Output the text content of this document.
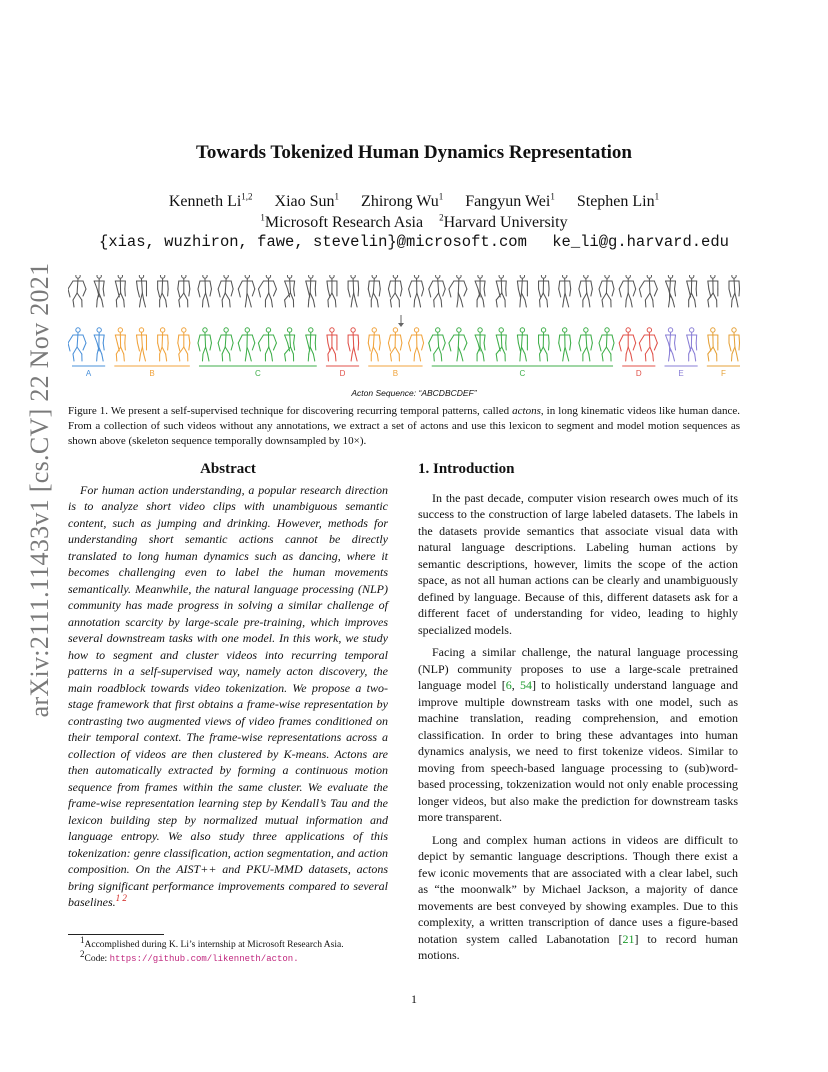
arXiv:2111.11433v1 [cs.CV] 22 Nov 2021
Towards Tokenized Human Dynamics Representation
Kenneth Li$^{1,2}$ Xiao Sun$^1$ Zhirong Wu$^1$ Fangyun Wei$^1$ Stephen Lin$^1$
$^1$Microsoft Research Asia $^2$Harvard University
{xias, wuzhiron, fawe, stevelin}@microsoft.com ke_li@g.harvard.edu
A	B	C	D	B	C	D	E	F
Acton Sequence: “ABCDBCDEF”
Figure 1. We present a self-supervised technique for discovering recurring temporal patterns, called actons, in long kinematic videos like human dance. From a collection of such videos without any annotations, we extract a set of actons and use this lexicon to segment and model motion sequences as shown above (skeleton sequence temporally downsampled by 10×).
Abstract

For human action understanding, a popular research direction is to analyze short video clips with unambiguous semantic content, such as jumping and drinking. However, methods for understanding short semantic actions cannot be directly translated to long human dynamics such as dancing, where it becomes challenging even to label the human movements semantically. Meanwhile, the natural language processing (NLP) community has made progress in solving a similar challenge of annotation scarcity by large-scale pre-training, which improves several downstream tasks with one model. In this work, we study how to segment and cluster videos into recurring temporal patterns in a self-supervised way, namely acton discovery, the main roadblock towards video tokenization. We propose a two-stage framework that first obtains a frame-wise representation by contrasting two augmented views of video frames conditioned on their temporal context. The frame-wise representations across a collection of videos are then clustered by K-means. Actons are then automatically extracted by forming a continuous motion sequence from frames within the same cluster. We evaluate the frame-wise representation learning step by Kendall’s Tau and the lexicon building step by normalized mutual information and language entropy. We also study three applications of this tokenization: genre classification, action segmentation, and action composition. On the AIST++ and PKU-MMD datasets, actons bring significant performance improvements compared to several baselines.$^{1 2}$

1. Introduction

In the past decade, computer vision research owes much of its success to the construction of large labeled datasets. The labels in the datasets provide semantics that associate visual data with natural language descriptions. Labeling human actions by semantic descriptions, however, limits the scope of the action space, as not all human actions can be clearly and unambiguously defined by language. Because of this, different datasets ask for a different facet of understanding for video, leading to highly specialized models.

Facing a similar challenge, the natural language processing (NLP) community proposes to use a large-scale pretrained language model [6, 54] to holistically understand language and improve multiple downstream tasks with one model, such as machine translation, reading comprehension, and emotion classification. In order to bring these advantages into human dynamics analysis, we need to first tokenize videos. Similar to moving from speech-based language processing to (sub)word-based processing, tokzenization would not only enable processing longer videos, but also make the prediction for downstream tasks more transparent.

Long and complex human actions in videos are difficult to depict by semantic language descriptions. Though there exist a few iconic movements that are associated with a clear label, such as “the moonwalk” by Michael Jackson, a majority of dance movements are best conveyed by showing examples. Due to this complexity, a written transcription of dance uses a figure-based notation system called Labanotation [21] to record human motions.

$^1$Accomplished during K. Li’s internship at Microsoft Research Asia.
$^2$Code: https://github.com/likenneth/acton.
1
